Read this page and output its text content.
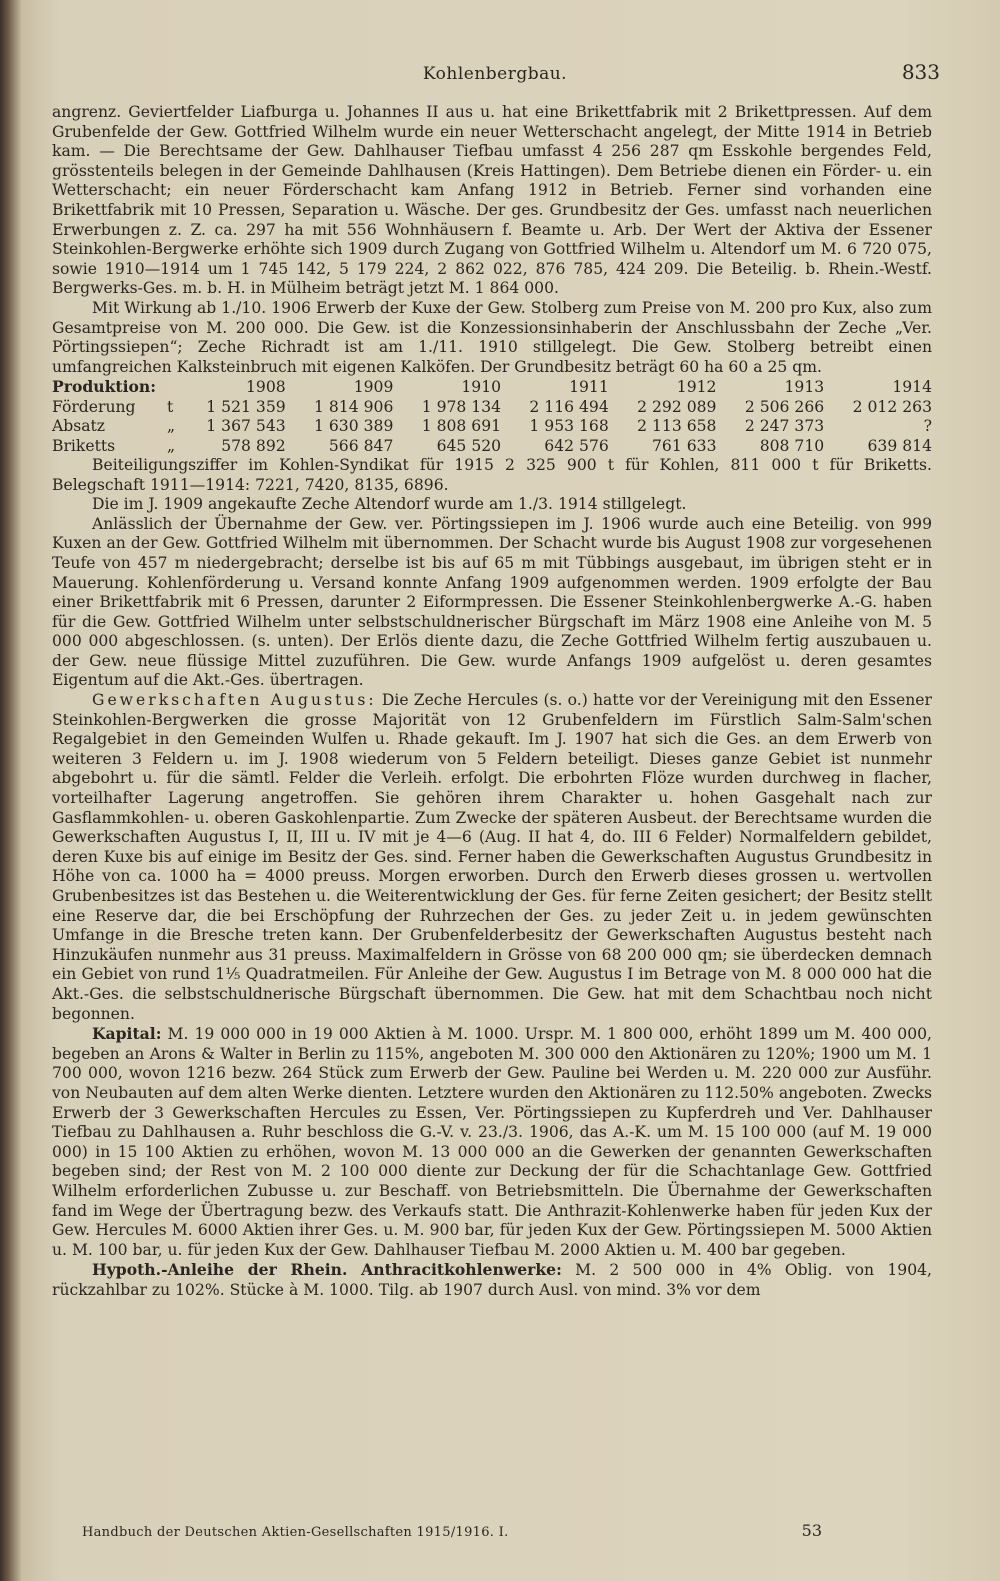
Kohlenbergbau.	833

angrenz. Geviertfelder Liafburga u. Johannes II aus u. hat eine Brikettfabrik mit 2 Brikettpressen. Auf dem Grubenfelde der Gew. Gottfried Wilhelm wurde ein neuer Wetterschacht angelegt, der Mitte 1914 in Betrieb kam. — Die Berechtsame der Gew. Dahlhauser Tiefbau umfasst 4 256 287 qm Esskohle bergendes Feld, grösstenteils belegen in der Gemeinde Dahlhausen (Kreis Hattingen). Dem Betriebe dienen ein Förder- u. ein Wetterschacht; ein neuer Förderschacht kam Anfang 1912 in Betrieb. Ferner sind vorhanden eine Brikettfabrik mit 10 Pressen, Separation u. Wäsche. Der ges. Grundbesitz der Ges. umfasst nach neuerlichen Erwerbungen z. Z. ca. 297 ha mit 556 Wohnhäusern f. Beamte u. Arb. Der Wert der Aktiva der Essener Steinkohlen-Bergwerke erhöhte sich 1909 durch Zugang von Gottfried Wilhelm u. Altendorf um M. 6 720 075, sowie 1910—1914 um 1 745 142, 5 179 224, 2 862 022, 876 785, 424 209. Die Beteilig. b. Rhein.-Westf. Bergwerks-Ges. m. b. H. in Mülheim beträgt jetzt M. 1 864 000.

Mit Wirkung ab 1./10. 1906 Erwerb der Kuxe der Gew. Stolberg zum Preise von M. 200 pro Kux, also zum Gesamtpreise von M. 200 000. Die Gew. ist die Konzessionsinhaberin der Anschlussbahn der Zeche „Ver. Pörtingssiepen“; Zeche Richradt ist am 1./11. 1910 stillgelegt. Die Gew. Stolberg betreibt einen umfangreichen Kalksteinbruch mit eigenen Kalköfen. Der Grundbesitz beträgt 60 ha 60 a 25 qm.

Produktion:		1908	1909	1910	1911	1912	1913	1914
Förderung	t	1 521 359	1 814 906	1 978 134	2 116 494	2 292 089	2 506 266	2 012 263
Absatz	„	1 367 543	1 630 389	1 808 691	1 953 168	2 113 658	2 247 373	?
Briketts	„	578 892	566 847	645 520	642 576	761 633	808 710	639 814

Beiteiligungsziffer im Kohlen-Syndikat für 1915 2 325 900 t für Kohlen, 811 000 t für Briketts. Belegschaft 1911—1914: 7221, 7420, 8135, 6896.

Die im J. 1909 angekaufte Zeche Altendorf wurde am 1./3. 1914 stillgelegt.

Anlässlich der Übernahme der Gew. ver. Pörtingssiepen im J. 1906 wurde auch eine Beteilig. von 999 Kuxen an der Gew. Gottfried Wilhelm mit übernommen. Der Schacht wurde bis August 1908 zur vorgesehenen Teufe von 457 m niedergebracht; derselbe ist bis auf 65 m mit Tübbings ausgebaut, im übrigen steht er in Mauerung. Kohlenförderung u. Versand konnte Anfang 1909 aufgenommen werden. 1909 erfolgte der Bau einer Brikettfabrik mit 6 Pressen, darunter 2 Eiformpressen. Die Essener Steinkohlenbergwerke A.-G. haben für die Gew. Gottfried Wilhelm unter selbstschuldnerischer Bürgschaft im März 1908 eine Anleihe von M. 5 000 000 abgeschlossen. (s. unten). Der Erlös diente dazu, die Zeche Gottfried Wilhelm fertig auszubauen u. der Gew. neue flüssige Mittel zuzuführen. Die Gew. wurde Anfangs 1909 aufgelöst u. deren gesamtes Eigentum auf die Akt.-Ges. übertragen.

Gewerkschaften Augustus: Die Zeche Hercules (s. o.) hatte vor der Vereinigung mit den Essener Steinkohlen-Bergwerken die grosse Majorität von 12 Grubenfeldern im Fürstlich Salm-Salm'schen Regalgebiet in den Gemeinden Wulfen u. Rhade gekauft. Im J. 1907 hat sich die Ges. an dem Erwerb von weiteren 3 Feldern u. im J. 1908 wiederum von 5 Feldern beteiligt. Dieses ganze Gebiet ist nunmehr abgebohrt u. für die sämtl. Felder die Verleih. erfolgt. Die erbohrten Flöze wurden durchweg in flacher, vorteilhafter Lagerung angetroffen. Sie gehören ihrem Charakter u. hohen Gasgehalt nach zur Gasflammkohlen- u. oberen Gaskohlenpartie. Zum Zwecke der späteren Ausbeut. der Berechtsame wurden die Gewerkschaften Augustus I, II, III u. IV mit je 4—6 (Aug. II hat 4, do. III 6 Felder) Normalfeldern gebildet, deren Kuxe bis auf einige im Besitz der Ges. sind. Ferner haben die Gewerkschaften Augustus Grundbesitz in Höhe von ca. 1000 ha = 4000 preuss. Morgen erworben. Durch den Erwerb dieses grossen u. wertvollen Grubenbesitzes ist das Bestehen u. die Weiterentwicklung der Ges. für ferne Zeiten gesichert; der Besitz stellt eine Reserve dar, die bei Erschöpfung der Ruhrzechen der Ges. zu jeder Zeit u. in jedem gewünschten Umfange in die Bresche treten kann. Der Grubenfelderbesitz der Gewerkschaften Augustus besteht nach Hinzukäufen nunmehr aus 31 preuss. Maximalfeldern in Grösse von 68 200 000 qm; sie überdecken demnach ein Gebiet von rund 1⅕ Quadratmeilen. Für Anleihe der Gew. Augustus I im Betrage von M. 8 000 000 hat die Akt.-Ges. die selbstschuldnerische Bürgschaft übernommen. Die Gew. hat mit dem Schachtbau noch nicht begonnen.

Kapital: M. 19 000 000 in 19 000 Aktien à M. 1000. Urspr. M. 1 800 000, erhöht 1899 um M. 400 000, begeben an Arons & Walter in Berlin zu 115%, angeboten M. 300 000 den Aktionären zu 120%; 1900 um M. 1 700 000, wovon 1216 bezw. 264 Stück zum Erwerb der Gew. Pauline bei Werden u. M. 220 000 zur Ausführ. von Neubauten auf dem alten Werke dienten. Letztere wurden den Aktionären zu 112.50% angeboten. Zwecks Erwerb der 3 Gewerkschaften Hercules zu Essen, Ver. Pörtingssiepen zu Kupferdreh und Ver. Dahlhauser Tiefbau zu Dahlhausen a. Ruhr beschloss die G.-V. v. 23./3. 1906, das A.-K. um M. 15 100 000 (auf M. 19 000 000) in 15 100 Aktien zu erhöhen, wovon M. 13 000 000 an die Gewerken der genannten Gewerkschaften begeben sind; der Rest von M. 2 100 000 diente zur Deckung der für die Schachtanlage Gew. Gottfried Wilhelm erforderlichen Zubusse u. zur Beschaff. von Betriebsmitteln. Die Übernahme der Gewerkschaften fand im Wege der Übertragung bezw. des Verkaufs statt. Die Anthrazit-Kohlenwerke haben für jeden Kux der Gew. Hercules M. 6000 Aktien ihrer Ges. u. M. 900 bar, für jeden Kux der Gew. Pörtingssiepen M. 5000 Aktien u. M. 100 bar, u. für jeden Kux der Gew. Dahlhauser Tiefbau M. 2000 Aktien u. M. 400 bar gegeben.

Hypoth.-Anleihe der Rhein. Anthracitkohlenwerke: M. 2 500 000 in 4% Oblig. von 1904, rückzahlbar zu 102%. Stücke à M. 1000. Tilg. ab 1907 durch Ausl. von mind. 3% vor dem

Handbuch der Deutschen Aktien-Gesellschaften 1915/1916. I.	53
